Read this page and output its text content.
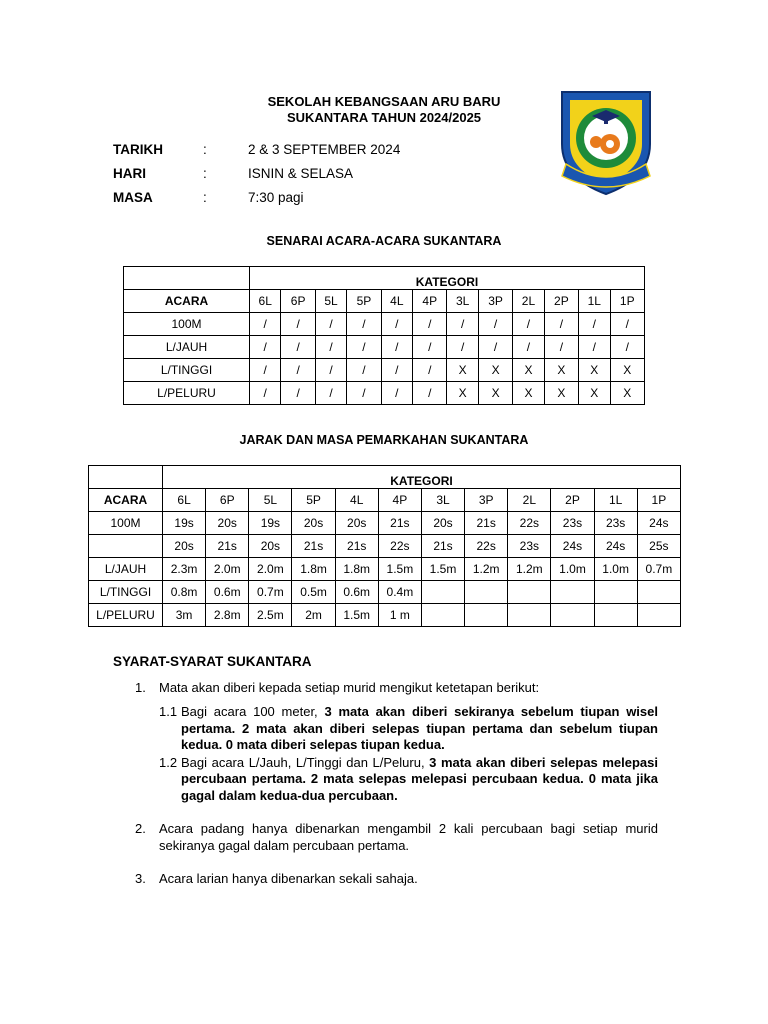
SEKOLAH KEBANGSAAN ARU BARU
SUKANTARA TAHUN 2024/2025
TARIKH	:	2 & 3 SEPTEMBER 2024
HARI	:	ISNIN & SELASA
MASA	:	7:30 pagi
SENARAI ACARA-ACARA SUKANTARA
	KATEGORI											
ACARA	6L	6P	5L	5P	4L	4P	3L	3P	2L	2P	1L	1P
100M	/	/	/	/	/	/	/	/	/	/	/	/
L/JAUH	/	/	/	/	/	/	/	/	/	/	/	/
L/TINGGI	/	/	/	/	/	/	X	X	X	X	X	X
L/PELURU	/	/	/	/	/	/	X	X	X	X	X	X
JARAK DAN MASA PEMARKAHAN SUKANTARA
	KATEGORI											
ACARA	6L	6P	5L	5P	4L	4P	3L	3P	2L	2P	1L	1P
100M	19s	20s	19s	20s	20s	21s	20s	21s	22s	23s	23s	24s
	20s	21s	20s	21s	21s	22s	21s	22s	23s	24s	24s	25s
L/JAUH	2.3m	2.0m	2.0m	1.8m	1.8m	1.5m	1.5m	1.2m	1.2m	1.0m	1.0m	0.7m
L/TINGGI	0.8m	0.6m	0.7m	0.5m	0.6m	0.4m						
L/PELURU	3m	2.8m	2.5m	2m	1.5m	1 m						
SYARAT-SYARAT SUKANTARA
1. Mata akan diberi kepada setiap murid mengikut ketetapan berikut:
1.1 Bagi acara 100 meter, 3 mata akan diberi sekiranya sebelum tiupan wisel pertama. 2 mata akan diberi selepas tiupan pertama dan sebelum tiupan kedua. 0 mata diberi selepas tiupan kedua.
1.2 Bagi acara L/Jauh, L/Tinggi dan L/Peluru, 3 mata akan diberi selepas melepasi percubaan pertama. 2 mata selepas melepasi percubaan kedua. 0 mata jika gagal dalam kedua-dua percubaan.
2. Acara padang hanya dibenarkan mengambil 2 kali percubaan bagi setiap murid sekiranya gagal dalam percubaan pertama.
3. Acara larian hanya dibenarkan sekali sahaja.
